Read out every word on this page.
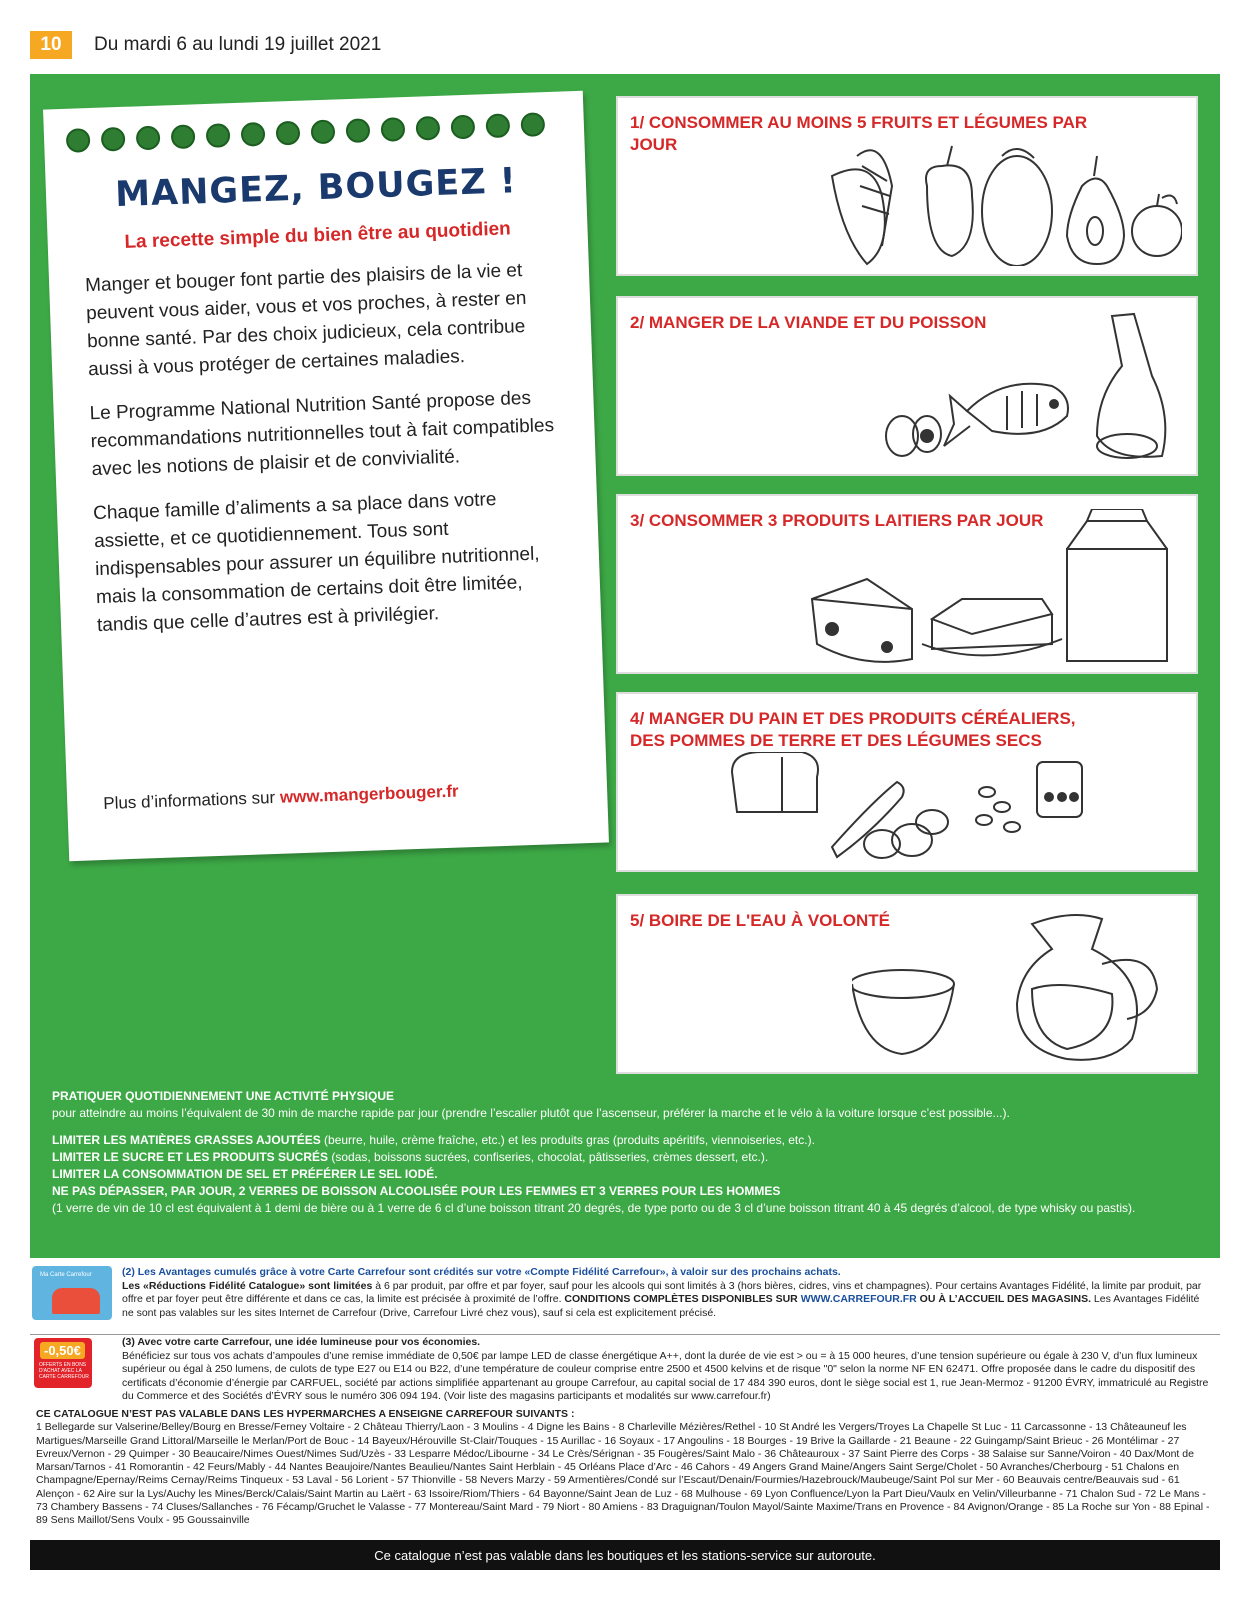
10	Du mardi 6 au lundi 19 juillet 2021
MANGEZ, BOUGEZ !
La recette simple du bien être au quotidien

Manger et bouger font partie des plaisirs de la vie et peuvent vous aider, vous et vos proches, à rester en bonne santé. Par des choix judicieux, cela contribue aussi à vous protéger de certaines maladies.

Le Programme National Nutrition Santé propose des recommandations nutritionnelles tout à fait compatibles avec les notions de plaisir et de convivialité.

Chaque famille d’aliments a sa place dans votre assiette, et ce quotidiennement. Tous sont indispensables pour assurer un équilibre nutritionnel, mais la consommation de certains doit être limitée, tandis que celle d’autres est à privilégier.

Plus d’informations sur www.mangerbouger.fr
1/ CONSOMMER AU MOINS 5 FRUITS ET LÉGUMES PAR JOUR
2/ MANGER DE LA VIANDE ET DU POISSON
3/ CONSOMMER 3 PRODUITS LAITIERS PAR JOUR
4/ MANGER DU PAIN ET DES PRODUITS CÉRÉALIERS, DES POMMES DE TERRE ET DES LÉGUMES SECS
5/ BOIRE DE L'EAU À VOLONTÉ
PRATIQUER QUOTIDIENNEMENT UNE ACTIVITÉ PHYSIQUE
pour atteindre au moins l’équivalent de 30 min de marche rapide par jour (prendre l’escalier plutôt que l’ascenseur, préférer la marche et le vélo à la voiture lorsque c’est possible...).
LIMITER LES MATIÈRES GRASSES AJOUTÉES (beurre, huile, crème fraîche, etc.) et les produits gras (produits apéritifs, viennoiseries, etc.).
LIMITER LE SUCRE ET LES PRODUITS SUCRÉS (sodas, boissons sucrées, confiseries, chocolat, pâtisseries, crèmes dessert, etc.).
LIMITER LA CONSOMMATION DE SEL ET PRÉFÉRER LE SEL IODÉ.
NE PAS DÉPASSER, PAR JOUR, 2 VERRES DE BOISSON ALCOOLISÉE POUR LES FEMMES ET 3 VERRES POUR LES HOMMES
(1 verre de vin de 10 cl est équivalent à 1 demi de bière ou à 1 verre de 6 cl d’une boisson titrant 20 degrés, de type porto ou de 3 cl d’une boisson titrant 40 à 45 degrés d’alcool, de type whisky ou pastis).
Ma Carte Carrefour	(2) Les Avantages cumulés grâce à votre Carte Carrefour sont crédités sur votre «Compte Fidélité Carrefour», à valoir sur des prochains achats.
Les «Réductions Fidélité Catalogue» sont limitées à 6 par produit, par offre et par foyer, sauf pour les alcools qui sont limités à 3 (hors bières, cidres, vins et champagnes). Pour certains Avantages Fidélité, la limite par produit, par offre et par foyer peut être différente et dans ce cas, la limite est précisée à proximité de l’offre. CONDITIONS COMPLÈTES DISPONIBLES SUR WWW.CARREFOUR.FR OU À L’ACCUEIL DES MAGASINS. Les Avantages Fidélité ne sont pas valables sur les sites Internet de Carrefour (Drive, Carrefour Livré chez vous), sauf si cela est explicitement précisé.
-0,50€
OFFERTS EN BONS D'ACHAT AVEC LA CARTE CARREFOUR
(3) Avec votre carte Carrefour, une idée lumineuse pour vos économies.
Bénéficiez sur tous vos achats d’ampoules d’une remise immédiate de 0,50€ par lampe LED de classe énergétique A++, dont la durée de vie est > ou = à 15 000 heures, d’une tension supérieure ou égale à 230 V, d’un flux lumineux supérieur ou égal à 250 lumens, de culots de type E27 ou E14 ou B22, d’une température de couleur comprise entre 2500 et 4500 kelvins et de risque "0" selon la norme NF EN 62471. Offre proposée dans le cadre du dispositif des certificats d’économie d’énergie par CARFUEL, société par actions simplifiée appartenant au groupe Carrefour, au capital social de 17 484 390 euros, dont le siège social est 1, rue Jean-Mermoz - 91200 ÉVRY, immatriculé au Registre du Commerce et des Sociétés d’ÉVRY sous le numéro 306 094 194. (Voir liste des magasins participants et modalités sur www.carrefour.fr)
CE CATALOGUE N’EST PAS VALABLE DANS LES HYPERMARCHES A ENSEIGNE CARREFOUR SUIVANTS :
1 Bellegarde sur Valserine/Belley/Bourg en Bresse/Ferney Voltaire - 2 Château Thierry/Laon - 3 Moulins - 4 Digne les Bains - 8 Charleville Mézières/Rethel - 10 St André les Vergers/Troyes La Chapelle St Luc - 11 Carcassonne - 13 Châteauneuf les Martigues/Marseille Grand Littoral/Marseille le Merlan/Port de Bouc - 14 Bayeux/Hérouville St-Clair/Touques - 15 Aurillac - 16 Soyaux - 17 Angoulins - 18 Bourges - 19 Brive la Gaillarde - 21 Beaune - 22 Guingamp/Saint Brieuc - 26 Montélimar - 27 Evreux/Vernon - 29 Quimper - 30 Beaucaire/Nimes Ouest/Nimes Sud/Uzès - 33 Lesparre Médoc/Libourne - 34 Le Crès/Sérignan - 35 Fougères/Saint Malo - 36 Châteauroux - 37 Saint Pierre des Corps - 38 Salaise sur Sanne/Voiron - 40 Dax/Mont de Marsan/Tarnos - 41 Romorantin - 42 Feurs/Mably - 44 Nantes Beaujoire/Nantes Beaulieu/Nantes Saint Herblain - 45 Orléans Place d’Arc - 46 Cahors - 49 Angers Grand Maine/Angers Saint Serge/Cholet - 50 Avranches/Cherbourg - 51 Chalons en Champagne/Epernay/Reims Cernay/Reims Tinqueux - 53 Laval - 56 Lorient - 57 Thionville - 58 Nevers Marzy - 59 Armentières/Condé sur l’Escaut/Denain/Fourmies/Hazebrouck/Maubeuge/Saint Pol sur Mer - 60 Beauvais centre/Beauvais sud - 61 Alençon - 62 Aire sur la Lys/Auchy les Mines/Berck/Calais/Saint Martin au Laërt - 63 Issoire/Riom/Thiers - 64 Bayonne/Saint Jean de Luz - 68 Mulhouse - 69 Lyon Confluence/Lyon la Part Dieu/Vaulx en Velin/Villeurbanne - 71 Chalon Sud - 72 Le Mans - 73 Chambery Bassens - 74 Cluses/Sallanches - 76 Fécamp/Gruchet le Valasse - 77 Montereau/Saint Mard - 79 Niort - 80 Amiens - 83 Draguignan/Toulon Mayol/Sainte Maxime/Trans en Provence - 84 Avignon/Orange - 85 La Roche sur Yon - 88 Epinal - 89 Sens Maillot/Sens Voulx - 95 Goussainville
Ce catalogue n’est pas valable dans les boutiques et les stations-service sur autoroute.
